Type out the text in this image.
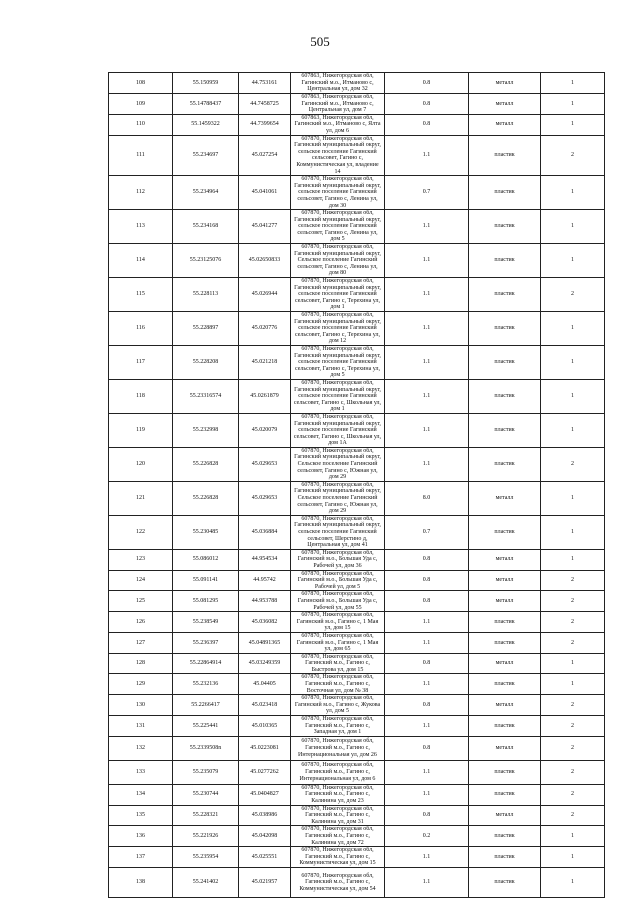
505
108	55.150959	44.753161	607863, Нижегородская обл, Гагинский м.о., Итманово с, Центральная ул, дом 32	0.8	металл	1
109	55.14788437	44.7458725	607863, Нижегородская обл, Гагинский м.о., Итманово с, Центральная ул, дом 7	0.8	металл	1
110	55.1459322	44.7399654	607863, Нижегородская обл, Гагинский м.о., Итманово с, Ялта ул, дом 6	0.8	металл	1
111	55.234697	45.027254	607870, Нижегородская обл, Гагинский муниципальный округ, сельское поселение Гагинский сельсовет, Гагино с, Коммунистическая ул, владение 14	1.1	пластик	2
112	55.234964	45.041061	607870, Нижегородская обл, Гагинский муниципальный округ, сельское поселение Гагинский сельсовет, Гагино с, Ленина ул, дом 30	0.7	пластик	1
113	55.234168	45.041277	607870, Нижегородская обл, Гагинский муниципальный округ, сельское поселение Гагинский сельсовет, Гагино с, Ленина ул, дом 5	1.1	пластик	1
114	55.23125076	45.02650833	607870, Нижегородская обл, Гагинский муниципальный округ, Сельское поселение Гагинский сельсовет, Гагино с, Ленина ул, дом 80	1.1	пластик	1
115	55.228113	45.026944	607870, Нижегородская обл, Гагинский муниципальный округ, сельское поселение Гагинский сельсовет, Гагино с, Терехина ул, дом 1	1.1	пластик	2
116	55.228897	45.020776	607870, Нижегородская обл, Гагинский муниципальный округ, сельское поселение Гагинский сельсовет, Гагино с, Терехина ул, дом 12	1.1	пластик	1
117	55.228208	45.021218	607870, Нижегородская обл, Гагинский муниципальный округ, сельское поселение Гагинский сельсовет, Гагино с, Терехина ул, дом 5	1.1	пластик	1
118	55.23316574	45.0261879	607870, Нижегородская обл, Гагинский муниципальный округ, сельское поселение Гагинский сельсовет, Гагино с, Школьная ул, дом 1	1.1	пластик	1
119	55.232998	45.020079	607870, Нижегородская обл, Гагинский муниципальный округ, сельское поселение Гагинский сельсовет, Гагино с, Школьная ул, дом 1А	1.1	пластик	1
120	55.226828	45.029653	607870, Нижегородская обл, Гагинский муниципальный округ, Сельское поселение Гагинский сельсовет, Гагино с, Южная ул, дом 29	1.1	пластик	2
121	55.226828	45.029653	607870, Нижегородская обл, Гагинский муниципальный округ, Сельское поселение Гагинский сельсовет, Гагино с, Южная ул, дом 29	8.0	металл	1
122	55.230485	45.036884	607870, Нижегородская обл, Гагинский муниципальный округ, сельское поселение Гагинский сельсовет, Шерстино д, Центральная ул, дом 41	0.7	пластик	1
123	55.086012	44.954534	607870, Нижегородская обл, Гагинский м.о., Большая Уда с, Рабочей ул, дом 36	0.8	металл	1
124	55.091141	44.95742	607870, Нижегородская обл, Гагинский м.о., Большая Уда с, Рабочей ул, дом 5	0.8	металл	2
125	55.081295	44.953788	607870, Нижегородская обл, Гагинский м.о., Большая Уда с, Рабочей ул, дом 55	0.8	металл	2
126	55.238549	45.036082	607870, Нижегородская обл, Гагинский м.о., Гагино с, 1 Мая ул, дом 15	1.1	пластик	2
127	55.236397	45.04891365	607870, Нижегородская обл, Гагинский м.о., Гагино с, 1 Мая ул, дом 65	1.1	пластик	2
128	55.22864914	45.03249359	607870, Нижегородская обл, Гагинский м.о., Гагино с, Быстрова ул, дом 15	0.8	металл	1
129	55.232136	45.04405	607870, Нижегородская обл, Гагинский м.о., Гагино с, Восточная ул, дом № 38	1.1	пластик	1
130	55.2266417	45.023418	607870, Нижегородская обл, Гагинский м.о., Гагино с, Жукова ул, дом 5	0.8	металл	2
131	55.225441	45.010365	607870, Нижегородская обл, Гагинский м.о., Гагино с, Западная ул, дом 1	1.1	пластик	2
132	55.2339508n	45.0223081	607870, Нижегородская обл, Гагинский м.о., Гагино с, Интернациональная ул, дом 26	0.8	металл	2
133	55.235079	45.0277262	607870, Нижегородская обл, Гагинский м.о., Гагино с, Интернациональная ул, дом 6	1.1	пластик	2
134	55.230744	45.0404827	607870, Нижегородская обл, Гагинский м.о., Гагино с, Калинина ул, дом 23	1.1	пластик	2
135	55.228321	45.038986	607870, Нижегородская обл, Гагинский м.о., Гагино с, Калинина ул, дом 31	0.8	металл	2
136	55.221926	45.042098	607870, Нижегородская обл, Гагинский м.о., Гагино с, Калинина ул, дом 72	0.2	пластик	1
137	55.235954	45.025551	607870, Нижегородская обл, Гагинский м.о., Гагино с, Коммунистическая ул, дом 15	1.1	пластик	1
138	55.241402	45.021957	607870, Нижегородская обл, Гагинский м.о., Гагино с, Коммунистическая ул, дом 54	1.1	пластик	1
